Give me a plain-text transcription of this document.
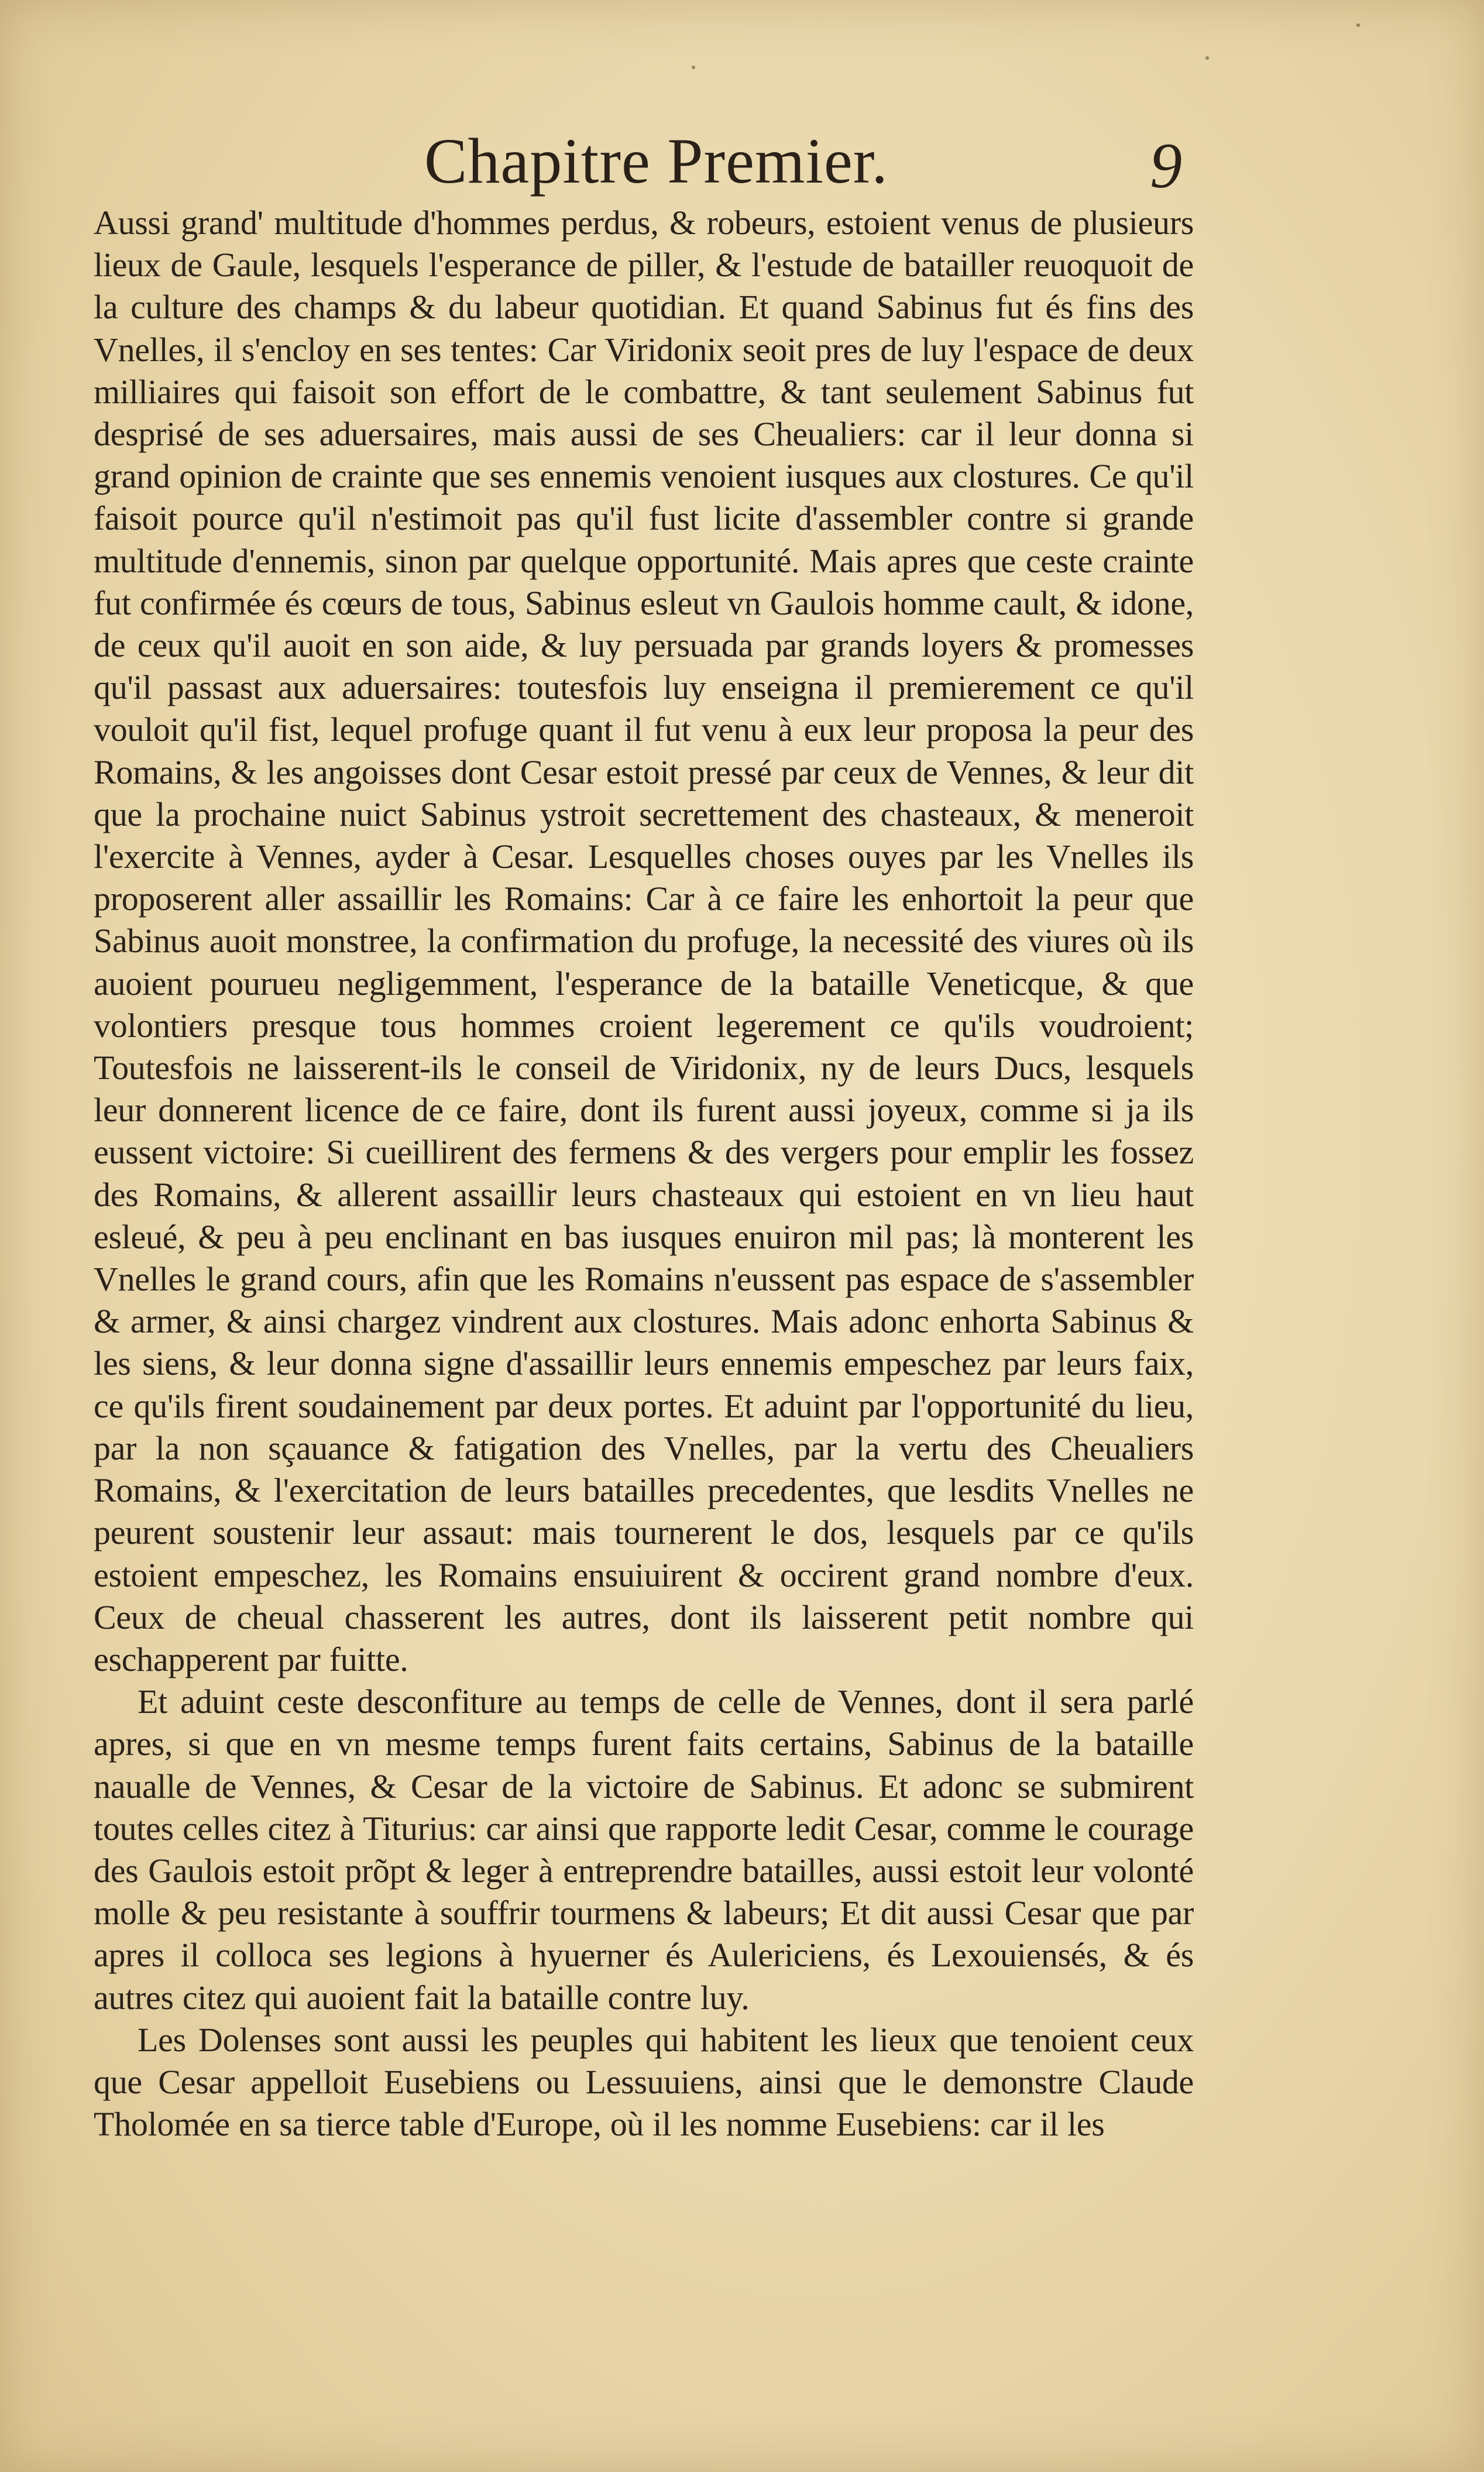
Chapitre Premier.	9

Aussi grand' multitude d'hommes perdus, & robeurs, estoient venus de plusieurs lieux de Gaule, lesquels l'esperance de piller, & l'estude de batailler reuoquoit de la culture des champs & du labeur quotidian. Et quand Sabinus fut és fins des Vnelles, il s'encloy en ses tentes: Car Viridonix seoit pres de luy l'espace de deux milliaires qui faisoit son effort de le combattre, & tant seulement Sabinus fut desprisé de ses aduersaires, mais aussi de ses Cheualiers: car il leur donna si grand opinion de crainte que ses ennemis venoient iusques aux clostures. Ce qu'il faisoit pource qu'il n'estimoit pas qu'il fust licite d'assembler contre si grande multitude d'ennemis, sinon par quelque opportunité. Mais apres que ceste crainte fut confirmée és cœurs de tous, Sabinus esleut vn Gaulois homme cault, & idone, de ceux qu'il auoit en son aide, & luy persuada par grands loyers & promesses qu'il passast aux aduersaires: toutesfois luy enseigna il premierement ce qu'il vouloit qu'il fist, lequel profuge quant il fut venu à eux leur proposa la peur des Romains, & les angoisses dont Cesar estoit pressé par ceux de Vennes, & leur dit que la prochaine nuict Sabinus ystroit secrettement des chasteaux, & meneroit l'exercite à Vennes, ayder à Cesar. Lesquelles choses ouyes par les Vnelles ils proposerent aller assaillir les Romains: Car à ce faire les enhortoit la peur que Sabinus auoit monstree, la confirmation du profuge, la necessité des viures où ils auoient pourueu negligemment, l'esperance de la bataille Veneticque, & que volontiers presque tous hommes croient legerement ce qu'ils voudroient; Toutesfois ne laisserent-ils le conseil de Viridonix, ny de leurs Ducs, lesquels leur donnerent licence de ce faire, dont ils furent aussi joyeux, comme si ja ils eussent victoire: Si cueillirent des fermens & des vergers pour emplir les fossez des Romains, & allerent assaillir leurs chasteaux qui estoient en vn lieu haut esleué, & peu à peu enclinant en bas iusques enuiron mil pas; là monterent les Vnelles le grand cours, afin que les Romains n'eussent pas espace de s'assembler & armer, & ainsi chargez vindrent aux clostures. Mais adonc enhorta Sabinus & les siens, & leur donna signe d'assaillir leurs ennemis empeschez par leurs faix, ce qu'ils firent soudainement par deux portes. Et aduint par l'opportunité du lieu, par la non sçauance & fatigation des Vnelles, par la vertu des Cheualiers Romains, & l'exercitation de leurs batailles precedentes, que lesdits Vnelles ne peurent soustenir leur assaut: mais tournerent le dos, lesquels par ce qu'ils estoient empeschez, les Romains ensuiuirent & occirent grand nombre d'eux. Ceux de cheual chasserent les autres, dont ils laisserent petit nombre qui eschapperent par fuitte.

Et aduint ceste desconfiture au temps de celle de Vennes, dont il sera parlé apres, si que en vn mesme temps furent faits certains, Sabinus de la bataille naualle de Vennes, & Cesar de la victoire de Sabinus. Et adonc se submirent toutes celles citez à Titurius: car ainsi que rapporte ledit Cesar, comme le courage des Gaulois estoit prõpt & leger à entreprendre batailles, aussi estoit leur volonté molle & peu resistante à souffrir tourmens & labeurs; Et dit aussi Cesar que par apres il colloca ses legions à hyuerner és Aulericiens, és Lexouiensés, & és autres citez qui auoient fait la bataille contre luy.

Les Dolenses sont aussi les peuples qui habitent les lieux que tenoient ceux que Cesar appelloit Eusebiens ou Lessuuiens, ainsi que le demonstre Claude Tholomée en sa tierce table d'Europe, où il les nomme Eusebiens: car il les
